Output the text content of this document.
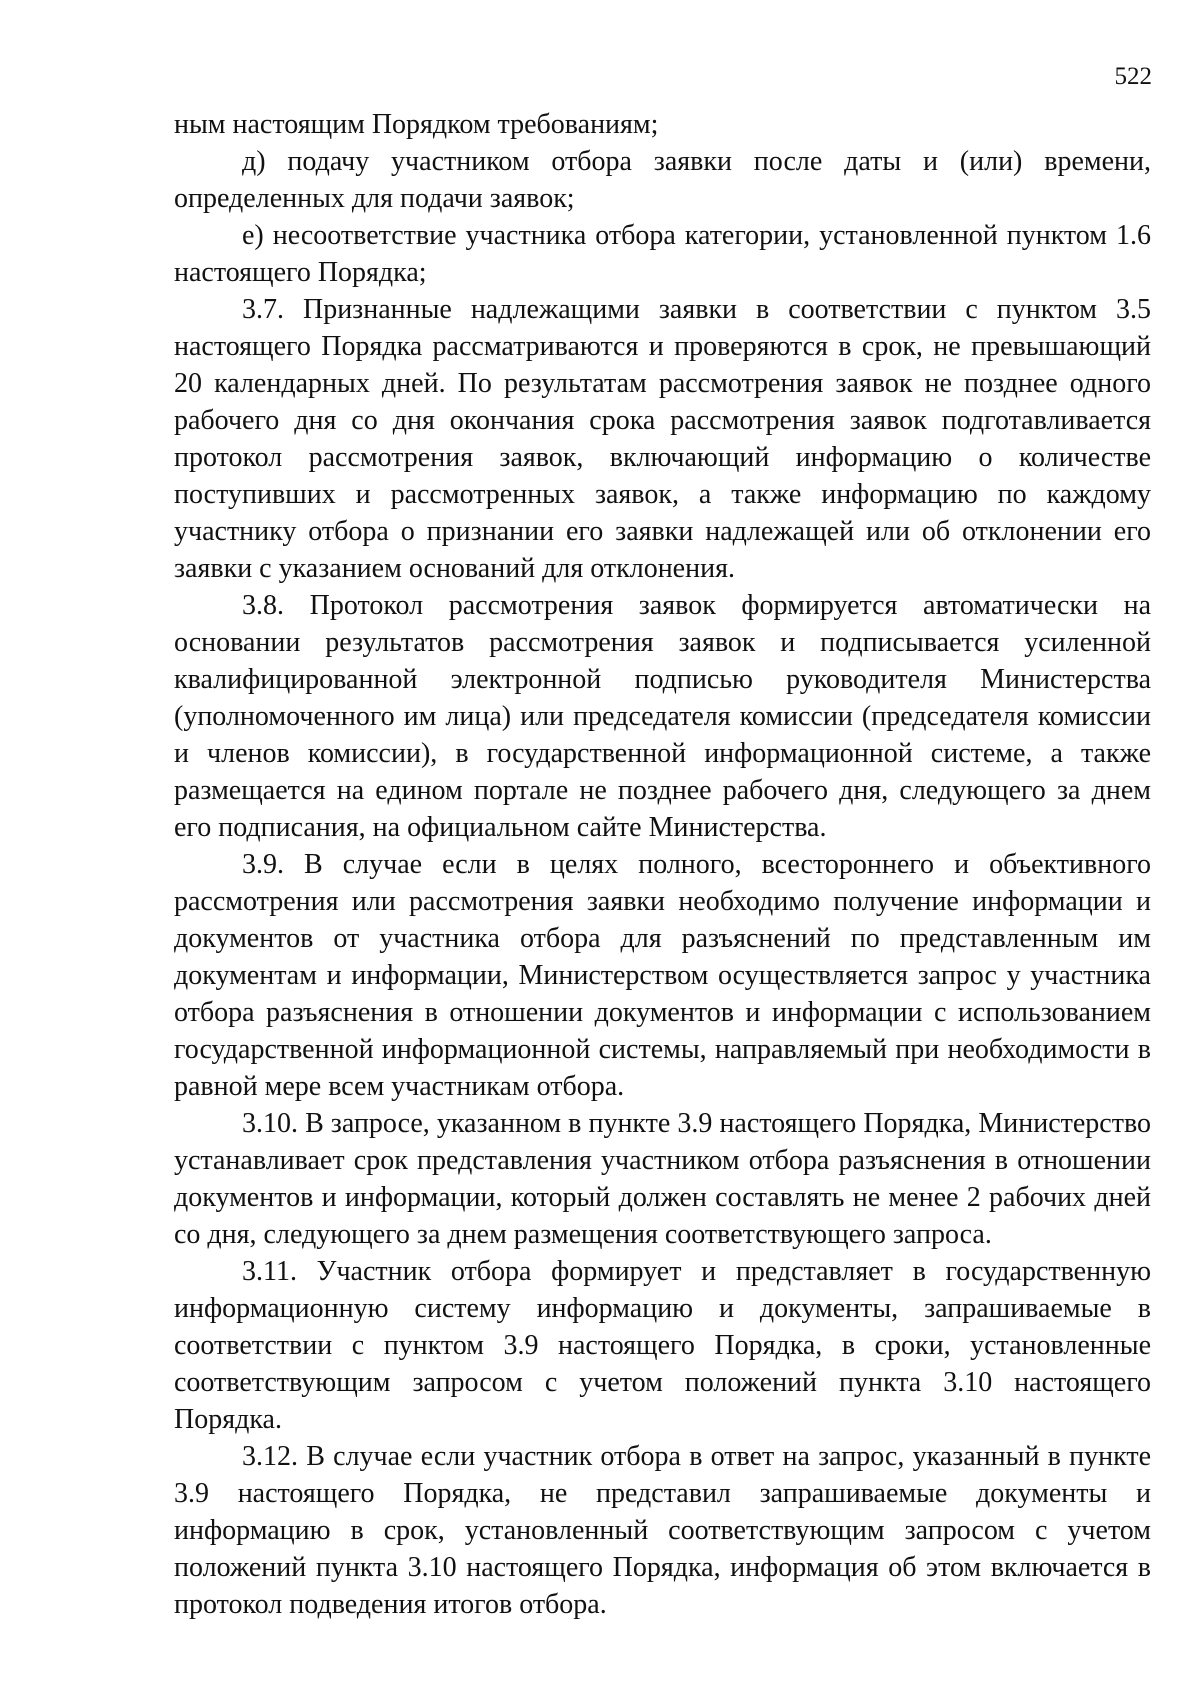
522

ным настоящим Порядком требованиям;

д) подачу участником отбора заявки после даты и (или) времени, определенных для подачи заявок;

е) несоответствие участника отбора категории, установленной пунктом 1.6 настоящего Порядка;

3.7. Признанные надлежащими заявки в соответствии с пунктом 3.5 настоящего Порядка рассматриваются и проверяются в срок, не превышающий 20 календарных дней. По результатам рассмотрения заявок не позднее одного рабочего дня со дня окончания срока рассмотрения заявок подготавливается протокол рассмотрения заявок, включающий информацию о количестве поступивших и рассмотренных заявок, а также информацию по каждому участнику отбора о признании его заявки надлежащей или об отклонении его заявки с указанием оснований для отклонения.

3.8. Протокол рассмотрения заявок формируется автоматически на основании результатов рассмотрения заявок и подписывается усиленной квалифицированной электронной подписью руководителя Министерства (уполномоченного им лица) или председателя комиссии (председателя комиссии и членов комиссии), в государственной информационной системе, а также размещается на едином портале не позднее рабочего дня, следующего за днем его подписания, на официальном сайте Министерства.

3.9. В случае если в целях полного, всестороннего и объективного рассмотрения или рассмотрения заявки необходимо получение информации и документов от участника отбора для разъяснений по представленным им документам и информации, Министерством осуществляется запрос у участника отбора разъяснения в отношении документов и информации с использованием государственной информационной системы, направляемый при необходимости в равной мере всем участникам отбора.

3.10. В запросе, указанном в пункте 3.9 настоящего Порядка, Министерство устанавливает срок представления участником отбора разъяснения в отношении документов и информации, который должен составлять не менее 2 рабочих дней со дня, следующего за днем размещения соответствующего запроса.

3.11. Участник отбора формирует и представляет в государственную информационную систему информацию и документы, запрашиваемые в соответствии с пунктом 3.9 настоящего Порядка, в сроки, установленные соответствующим запросом с учетом положений пункта 3.10 настоящего Порядка.

3.12. В случае если участник отбора в ответ на запрос, указанный в пункте 3.9 настоящего Порядка, не представил запрашиваемые документы и информацию в срок, установленный соответствующим запросом с учетом положений пункта 3.10 настоящего Порядка, информация об этом включается в протокол подведения итогов отбора.
